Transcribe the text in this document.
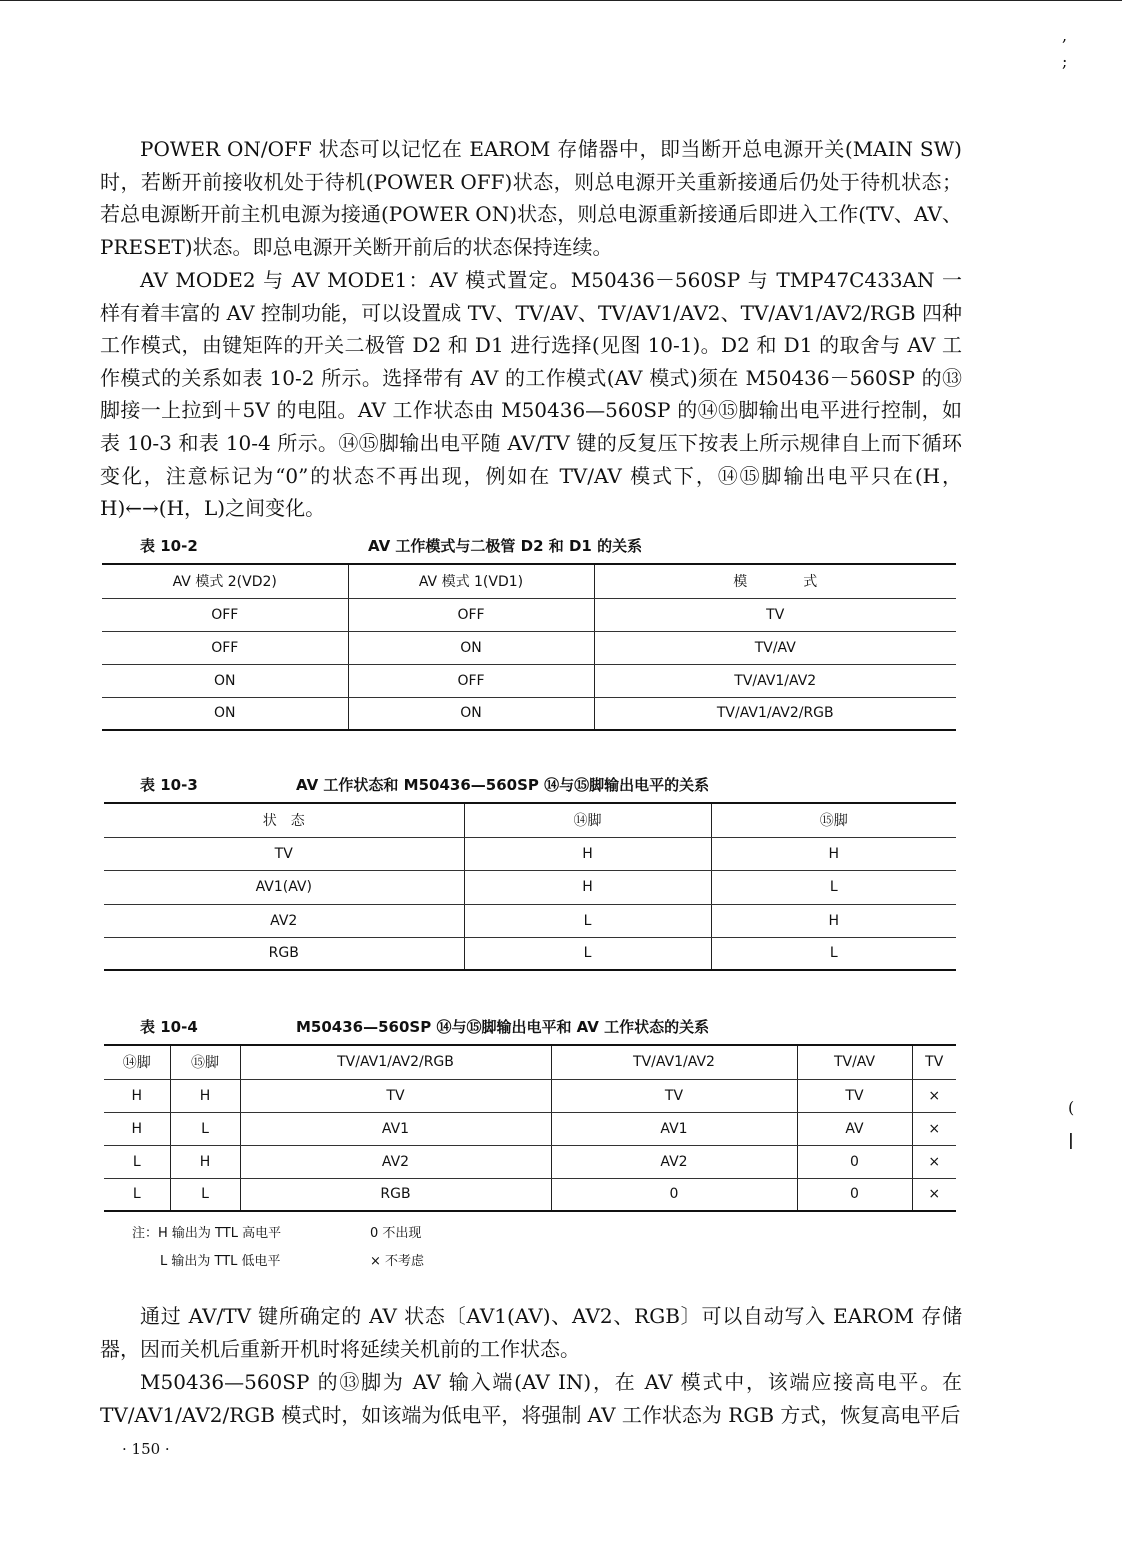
,
;
(
|

POWER ON/OFF 状态可以记忆在 EAROM 存储器中，即当断开总电源开关(MAIN SW)时，若断开前接收机处于待机(POWER OFF)状态，则总电源开关重新接通后仍处于待机状态；若总电源断开前主机电源为接通(POWER ON)状态，则总电源重新接通后即进入工作(TV、AV、PRESET)状态。即总电源开关断开前后的状态保持连续。

AV MODE2 与 AV MODE1：AV 模式置定。M50436－560SP 与 TMP47C433AN 一样有着丰富的 AV 控制功能，可以设置成 TV、TV/AV、TV/AV1/AV2、TV/AV1/AV2/RGB 四种工作模式，由键矩阵的开关二极管 D2 和 D1 进行选择(见图 10-1)。D2 和 D1 的取舍与 AV 工作模式的关系如表 10-2 所示。选择带有 AV 的工作模式(AV 模式)须在 M50436－560SP 的⑬脚接一上拉到＋5V 的电阻。AV 工作状态由 M50436—560SP 的⑭⑮脚输出电平进行控制，如表 10-3 和表 10-4 所示。⑭⑮脚输出电平随 AV/TV 键的反复压下按表上所示规律自上而下循环变化，注意标记为“0”的状态不再出现，例如在 TV/AV 模式下，⑭⑮脚输出电平只在(H，H)←→(H，L)之间变化。

表 10-2	AV 工作模式与二极管 D2 和 D1 的关系
AV 模式 2(VD2)	AV 模式 1(VD1)	模　　　　式
OFF	OFF	TV
OFF	ON	TV/AV
ON	OFF	TV/AV1/AV2
ON	ON	TV/AV1/AV2/RGB
表 10-3	AV 工作状态和 M50436—560SP ⑭与⑮脚输出电平的关系
状　态	⑭脚	⑮脚
TV	H	H
AV1(AV)	H	L
AV2	L	H
RGB	L	L
表 10-4	M50436—560SP ⑭与⑮脚输出电平和 AV 工作状态的关系
⑭脚	⑮脚	TV/AV1/AV2/RGB	TV/AV1/AV2	TV/AV	TV
H	H	TV	TV	TV	×
H	L	AV1	AV1	AV	×
L	H	AV2	AV2	0	×
L	L	RGB	0	0	×
注：H 输出为 TTL 高电平	0 不出现
L 输出为 TTL 低电平	× 不考虑

通过 AV/TV 键所确定的 AV 状态〔AV1(AV)、AV2、RGB〕可以自动写入 EAROM 存储器，因而关机后重新开机时将延续关机前的工作状态。

M50436—560SP 的⑬脚为 AV 输入端(AV IN)，在 AV 模式中，该端应接高电平。在 TV/AV1/AV2/RGB 模式时，如该端为低电平，将强制 AV 工作状态为 RGB 方式，恢复高电平后

· 150 ·
